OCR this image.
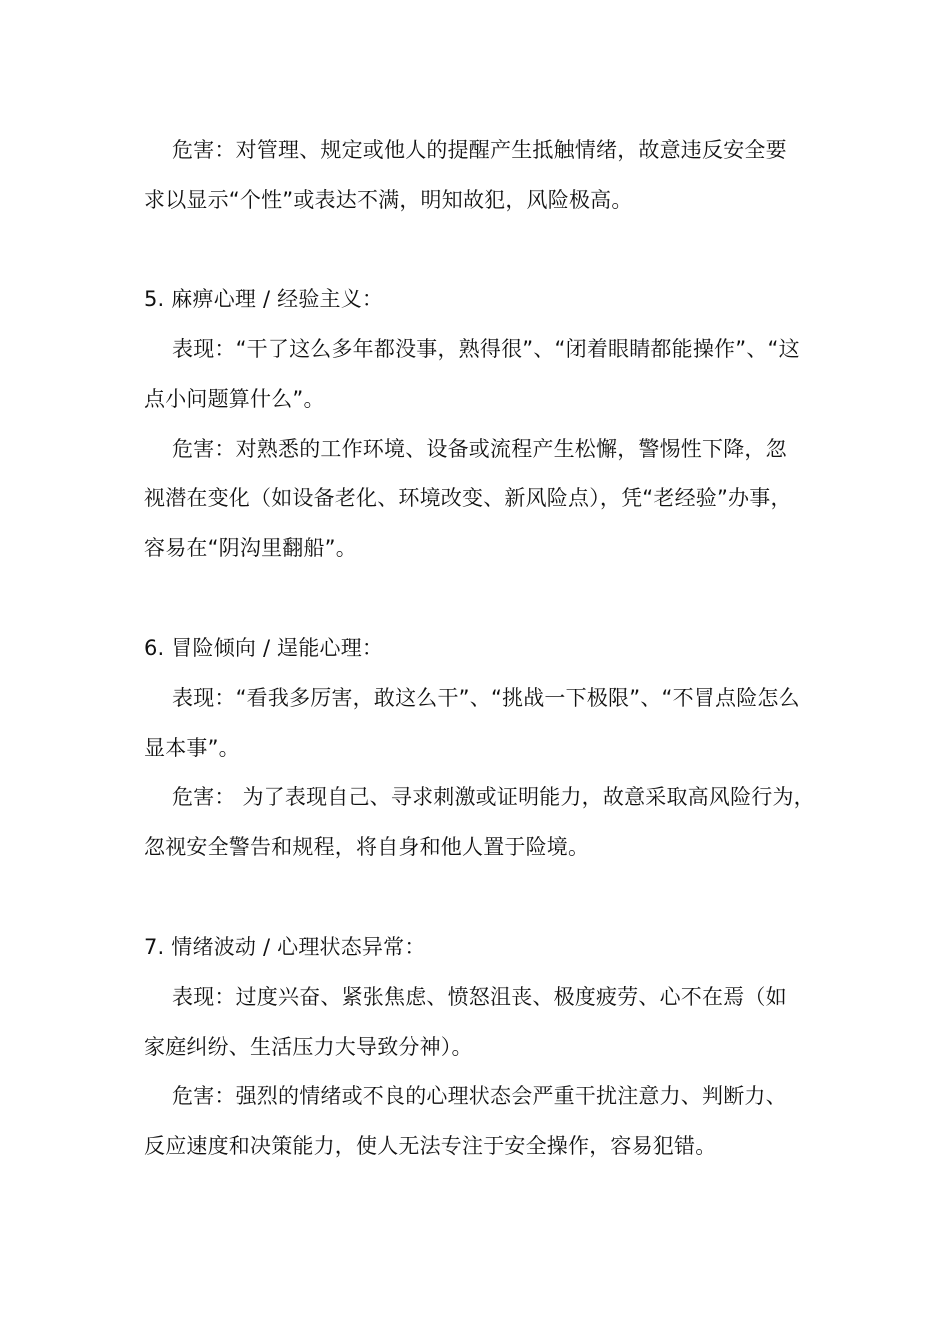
危害：对管理、规定或他人的提醒产生抵触情绪，故意违反安全要
求以显示“个性”或表达不满，明知故犯，风险极高。
5. 麻痹心理 / 经验主义：
表现：“干了这么多年都没事，熟得很”、“闭着眼睛都能操作”、“这
点小问题算什么”。
危害：对熟悉的工作环境、设备或流程产生松懈，警惕性下降，忽
视潜在变化（如设备老化、环境改变、新风险点），凭“老经验”办事，
容易在“阴沟里翻船”。
6. 冒险倾向 / 逞能心理：
表现：“看我多厉害，敢这么干”、“挑战一下极限”、“不冒点险怎么
显本事”。
危害： 为了表现自己、寻求刺激或证明能力，故意采取高风险行为，
忽视安全警告和规程，将自身和他人置于险境。
7. 情绪波动 / 心理状态异常：
表现：过度兴奋、紧张焦虑、愤怒沮丧、极度疲劳、心不在焉（如
家庭纠纷、生活压力大导致分神）。
危害：强烈的情绪或不良的心理状态会严重干扰注意力、判断力、
反应速度和决策能力，使人无法专注于安全操作，容易犯错。
